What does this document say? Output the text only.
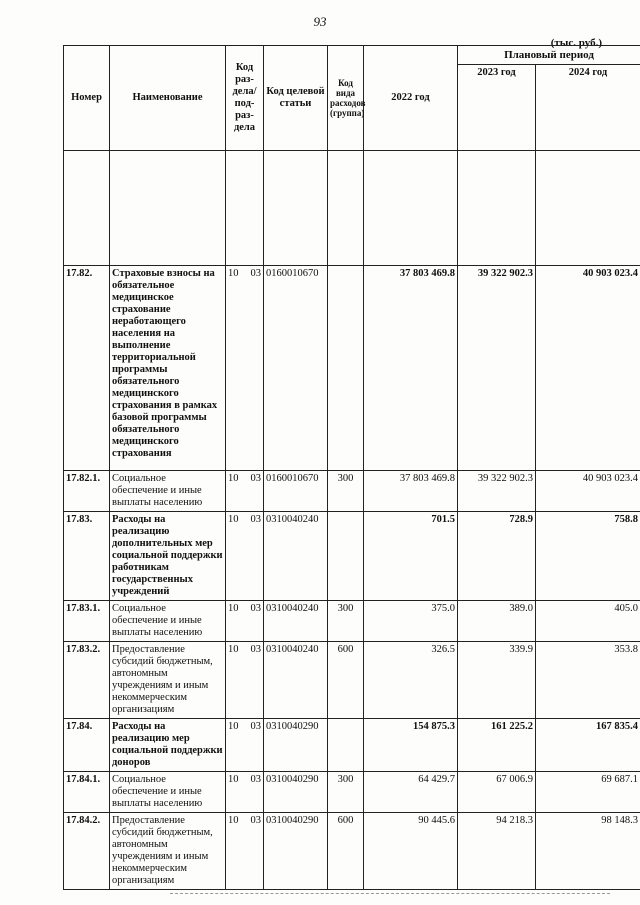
93
(тыс. руб.)
Номер	Наименование	Код раз-дела/ под-раз-дела	Код целевой статьи	Код вида расходов (группа)	2022 год	Плановый период	
						2023 год	2024 год

17.82.	Страховые взносы на обязательное медицинское страхование неработающего населения на выполнение территориальной программы обязательного медицинского страхования в рамках базовой программы обязательного медицинского страхования	10 03	0160010670		37 803 469.8	39 322 902.3	40 903 023.4
17.82.1.	Социальное обеспечение и иные выплаты населению	10 03	0160010670	300	37 803 469.8	39 322 902.3	40 903 023.4
17.83.	Расходы на реализацию дополнительных мер социальной поддержки работникам государственных учреждений	10 03	0310040240		701.5	728.9	758.8
17.83.1.	Социальное обеспечение и иные выплаты населению	10 03	0310040240	300	375.0	389.0	405.0
17.83.2.	Предоставление субсидий бюджетным, автономным учреждениям и иным некоммерческим организациям	10 03	0310040240	600	326.5	339.9	353.8
17.84.	Расходы на реализацию мер социальной поддержки доноров	10 03	0310040290		154 875.3	161 225.2	167 835.4
17.84.1.	Социальное обеспечение и иные выплаты населению	10 03	0310040290	300	64 429.7	67 006.9	69 687.1
17.84.2.	Предоставление субсидий бюджетным, автономным учреждениям и иным некоммерческим организациям	10 03	0310040290	600	90 445.6	94 218.3	98 148.3
